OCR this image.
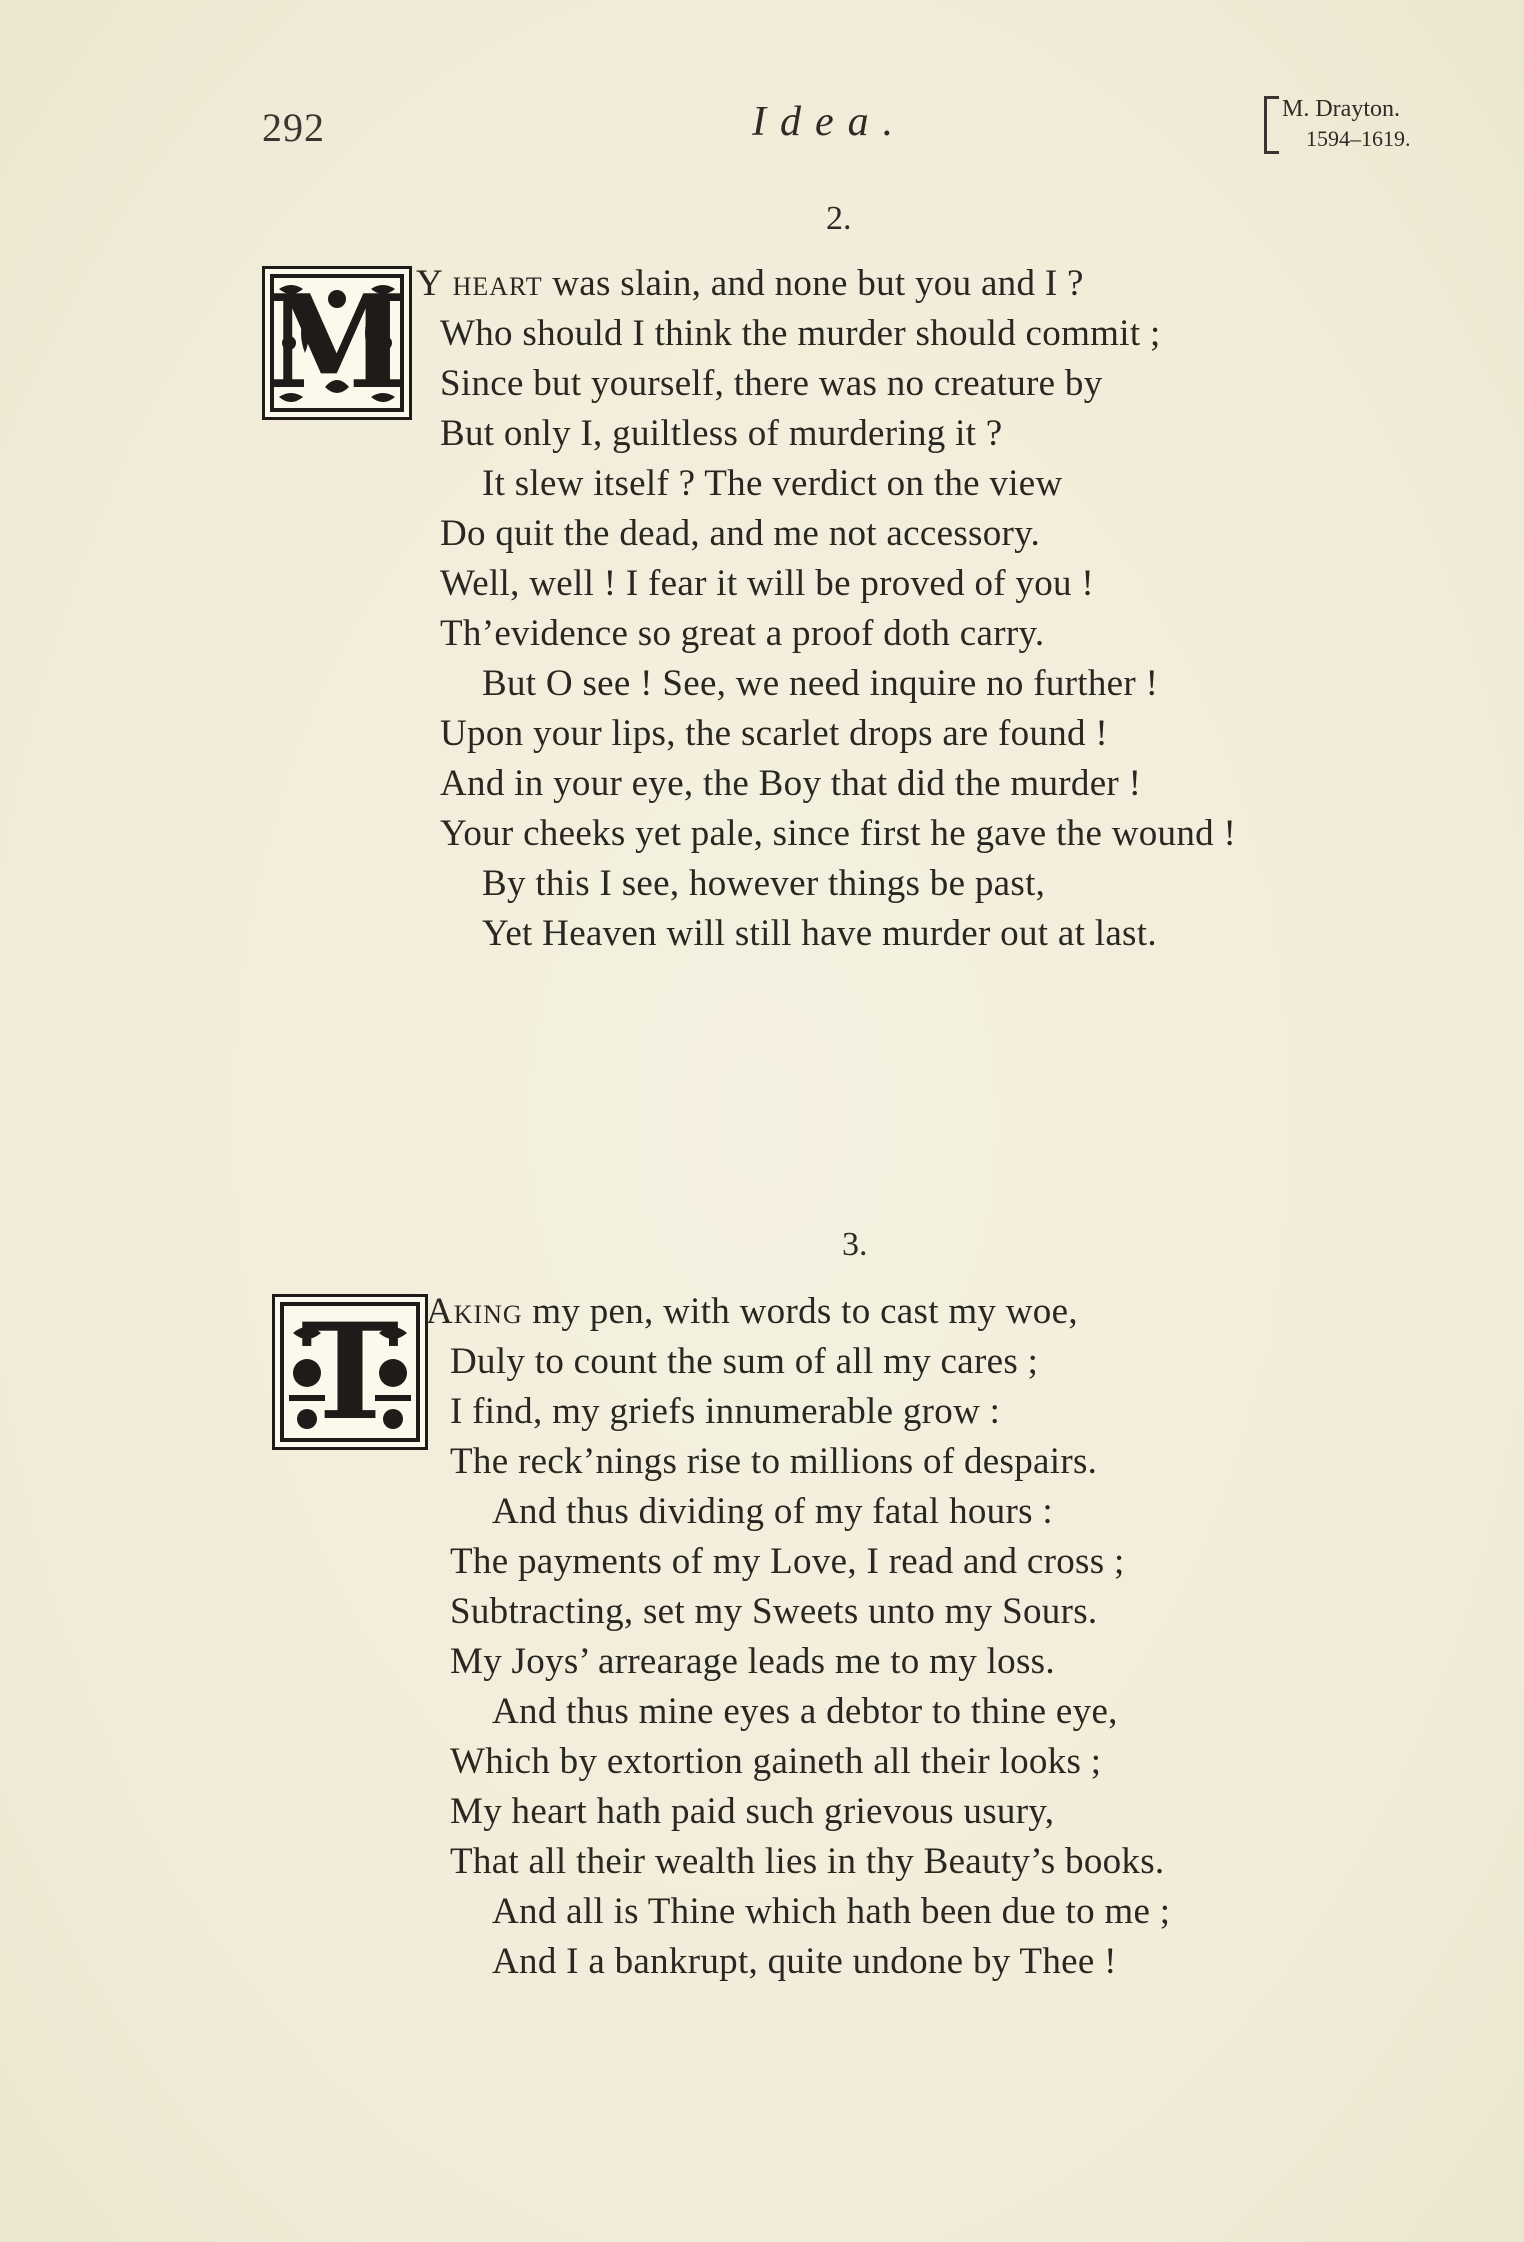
292	Idea.	M. Drayton.
1594–1619.
2.
M Y heart was slain, and none but you and I ?
Who should I think the murder should commit ;
Since but yourself, there was no creature by
But only I, guiltless of murdering it ?
It slew itself ? The verdict on the view
Do quit the dead, and me not accessory.
Well, well ! I fear it will be proved of you !
Th’evidence so great a proof doth carry.
But O see ! See, we need inquire no further !
Upon your lips, the scarlet drops are found !
And in your eye, the Boy that did the murder !
Your cheeks yet pale, since first he gave the wound !
By this I see, however things be past,
Yet Heaven will still have murder out at last.
3.
T Aking my pen, with words to cast my woe,
Duly to count the sum of all my cares ;
I find, my griefs innumerable grow :
The reck’nings rise to millions of despairs.
And thus dividing of my fatal hours :
The payments of my Love, I read and cross ;
Subtracting, set my Sweets unto my Sours.
My Joys’ arrearage leads me to my loss.
And thus mine eyes a debtor to thine eye,
Which by extortion gaineth all their looks ;
My heart hath paid such grievous usury,
That all their wealth lies in thy Beauty’s books.
And all is Thine which hath been due to me ;
And I a bankrupt, quite undone by Thee !
